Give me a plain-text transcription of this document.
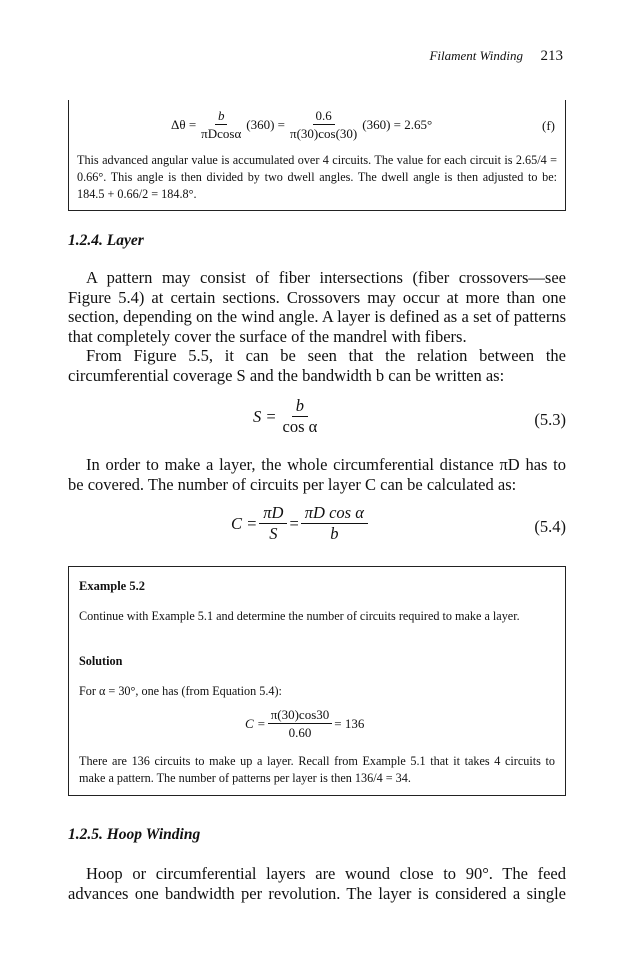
Filament Winding 213
$\Delta\theta = \frac{b}{\pi Dcos\alpha} (360) = \frac{0.6}{\pi(30)\cos(30)} (360) = 2.65^\circ$	(f)
This advanced angular value is accumulated over 4 circuits. The value for each circuit is 2.65/4 = 0.66°. This angle is then divided by two dwell angles. The dwell angle is then adjusted to be: 184.5 + 0.66/2 = 184.8°.
1.2.4. Layer

A pattern may consist of fiber intersections (fiber crossovers—see Figure 5.4) at certain sections. Crossovers may occur at more than one section, depending on the wind angle. A layer is defined as a set of patterns that completely cover the surface of the mandrel with fibers.

From Figure 5.5, it can be seen that the relation between the circumferential coverage S and the bandwidth b can be written as:

$S = \frac{b}{\text{cos α}}$	(5.3)

In order to make a layer, the whole circumferential distance πD has to be covered. The number of circuits per layer C can be calculated as:

$C = \frac{\pi D}{S} = \frac{\text{πD cos α}}{b}$	(5.4)
Example 5.2
Continue with Example 5.1 and determine the number of circuits required to make a layer.
Solution
For α = 30°, one has (from Equation 5.4):
$C = \frac{\pi(30)\cos 30}{0.60} = 136$
There are 136 circuits to make up a layer. Recall from Example 5.1 that it takes 4 circuits to make a pattern. The number of patterns per layer is then 136/4 = 34.
1.2.5. Hoop Winding

Hoop or circumferential layers are wound close to 90°. The feed advances one bandwidth per revolution. The layer is considered a single
